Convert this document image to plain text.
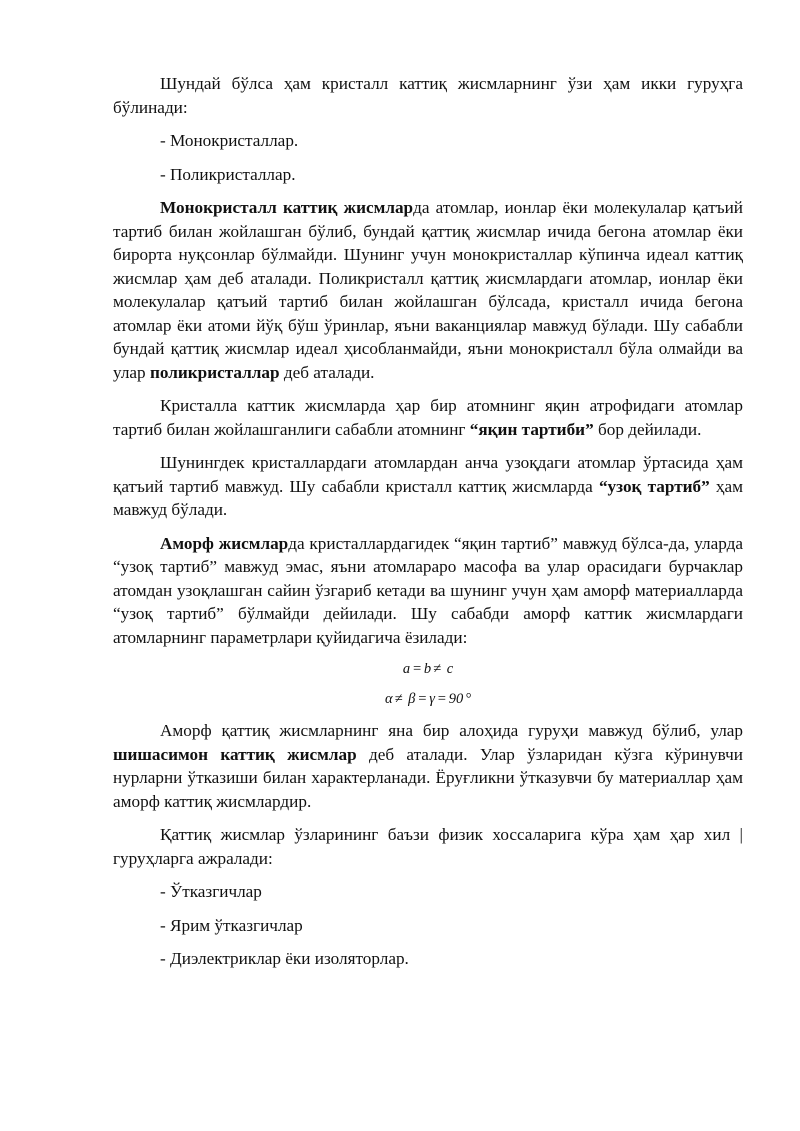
Шундай бўлса ҳам кристалл каттиқ жисмларнинг ўзи ҳам икки гуруҳга бўлинади:

- Монокристаллар.

- Поликристаллар.

Монокристалл каттиқ жисмларда атомлар, ионлар ёки молекулалар қатъий тартиб билан жойлашган бўлиб, бундай қаттиқ жисмлар ичида бегона атомлар ёки бирорта нуқсонлар бўлмайди. Шунинг учун монокристаллар кўпинча идеал каттиқ жисмлар ҳам деб аталади. Поликристалл қаттиқ жисмлардаги атомлар, ионлар ёки молекулалар қатъий тартиб билан жойлашган бўлсада, кристалл ичида бегона атомлар ёки атоми йўқ бўш ўринлар, яъни ваканциялар мавжуд бўлади. Шу сабабли бундай қаттиқ жисмлар идеал ҳисобланмайди, яъни монокристалл бўла олмайди ва улар поликристаллар деб аталади.

Кристалла каттик жисмларда ҳар бир атомнинг яқин атрофидаги атомлар тартиб билан жойлашганлиги сабабли атомнинг “яқин тартиби” бор дейилади.

Шунингдек кристаллардаги атомлардан анча узоқдаги атомлар ўртасида ҳам қатъий тартиб мавжуд. Шу сабабли кристалл каттиқ жисмларда “узоқ тартиб” ҳам мавжуд бўлади.

Аморф жисмларда кристаллардагидек “яқин тартиб” мавжуд бўлса-да, уларда “узоқ тартиб” мавжуд эмас, яъни атомлараро масофа ва улар орасидаги бурчаклар атомдан узоқлашган сайин ўзгариб кетади ва шунинг учун ҳам аморф материалларда “узоқ тартиб” бўлмайди дейилади. Шу сабабди аморф каттик жисмлардаги атомларнинг параметрлари қуйидагича ёзилади:

a = b ≠ c
α ≠ β = γ = 90 °

Аморф қаттиқ жисмларнинг яна бир алоҳида гуруҳи мавжуд бўлиб, улар шишасимон каттиқ жисмлар деб аталади. Улар ўзларидан кўзга кўринувчи нурларни ўтказиши билан характерланади. Ёруғликни ўтказувчи бу материаллар ҳам аморф каттиқ жисмлардир.

Қаттиқ жисмлар ўзларининг баъзи физик хоссаларига кўра ҳам ҳар хил | гуруҳларга ажралади:

- Ўтказгичлар

- Ярим ўтказгичлар

- Диэлектриклар ёки изоляторлар.
